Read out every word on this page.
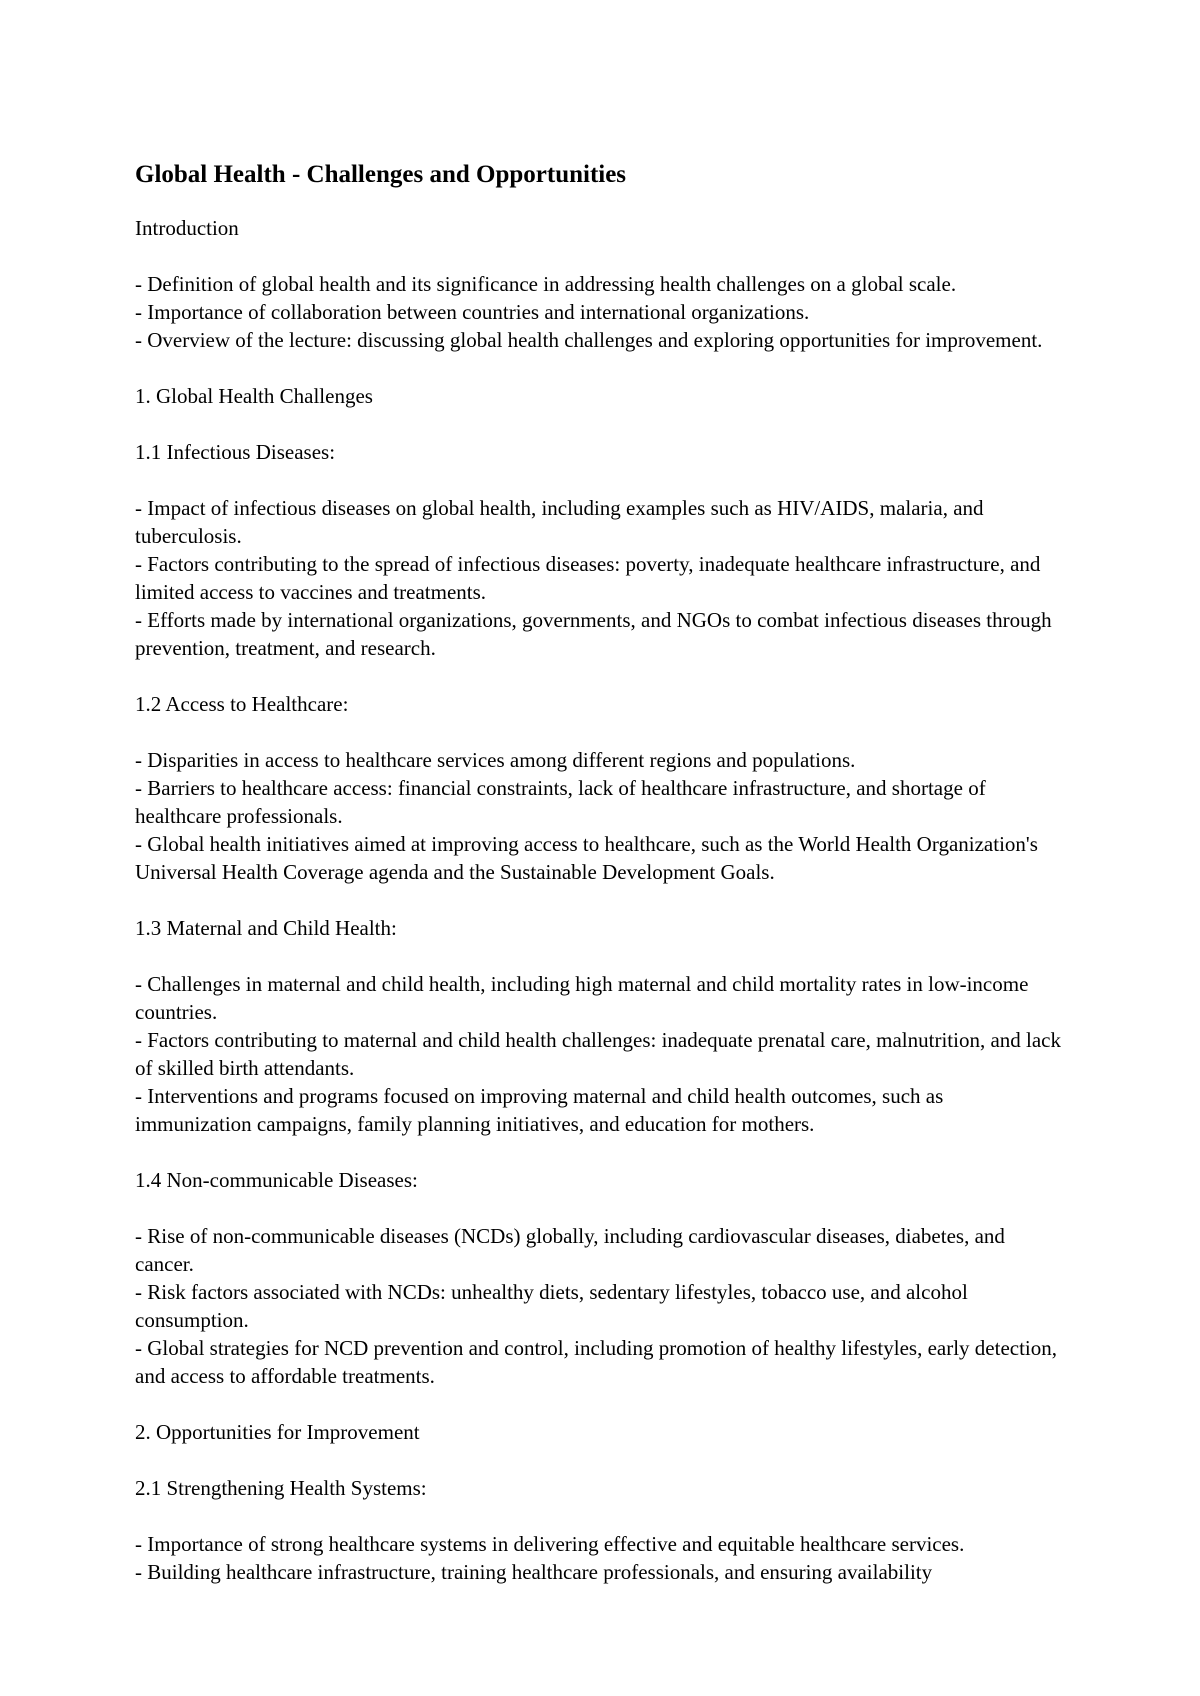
Global Health - Challenges and Opportunities

Introduction

- Definition of global health and its significance in addressing health challenges on a global scale.

- Importance of collaboration between countries and international organizations.

- Overview of the lecture: discussing global health challenges and exploring opportunities for improvement.

1. Global Health Challenges

1.1 Infectious Diseases:

- Impact of infectious diseases on global health, including examples such as HIV/AIDS, malaria, and tuberculosis.

- Factors contributing to the spread of infectious diseases: poverty, inadequate healthcare infrastructure, and limited access to vaccines and treatments.

- Efforts made by international organizations, governments, and NGOs to combat infectious diseases through prevention, treatment, and research.

1.2 Access to Healthcare:

- Disparities in access to healthcare services among different regions and populations.

- Barriers to healthcare access: financial constraints, lack of healthcare infrastructure, and shortage of healthcare professionals.

- Global health initiatives aimed at improving access to healthcare, such as the World Health Organization's Universal Health Coverage agenda and the Sustainable Development Goals.

1.3 Maternal and Child Health:

- Challenges in maternal and child health, including high maternal and child mortality rates in low-income countries.

- Factors contributing to maternal and child health challenges: inadequate prenatal care, malnutrition, and lack of skilled birth attendants.

- Interventions and programs focused on improving maternal and child health outcomes, such as immunization campaigns, family planning initiatives, and education for mothers.

1.4 Non-communicable Diseases:

- Rise of non-communicable diseases (NCDs) globally, including cardiovascular diseases, diabetes, and cancer.

- Risk factors associated with NCDs: unhealthy diets, sedentary lifestyles, tobacco use, and alcohol consumption.

- Global strategies for NCD prevention and control, including promotion of healthy lifestyles, early detection, and access to affordable treatments.

2. Opportunities for Improvement

2.1 Strengthening Health Systems:

- Importance of strong healthcare systems in delivering effective and equitable healthcare services.

- Building healthcare infrastructure, training healthcare professionals, and ensuring availability
